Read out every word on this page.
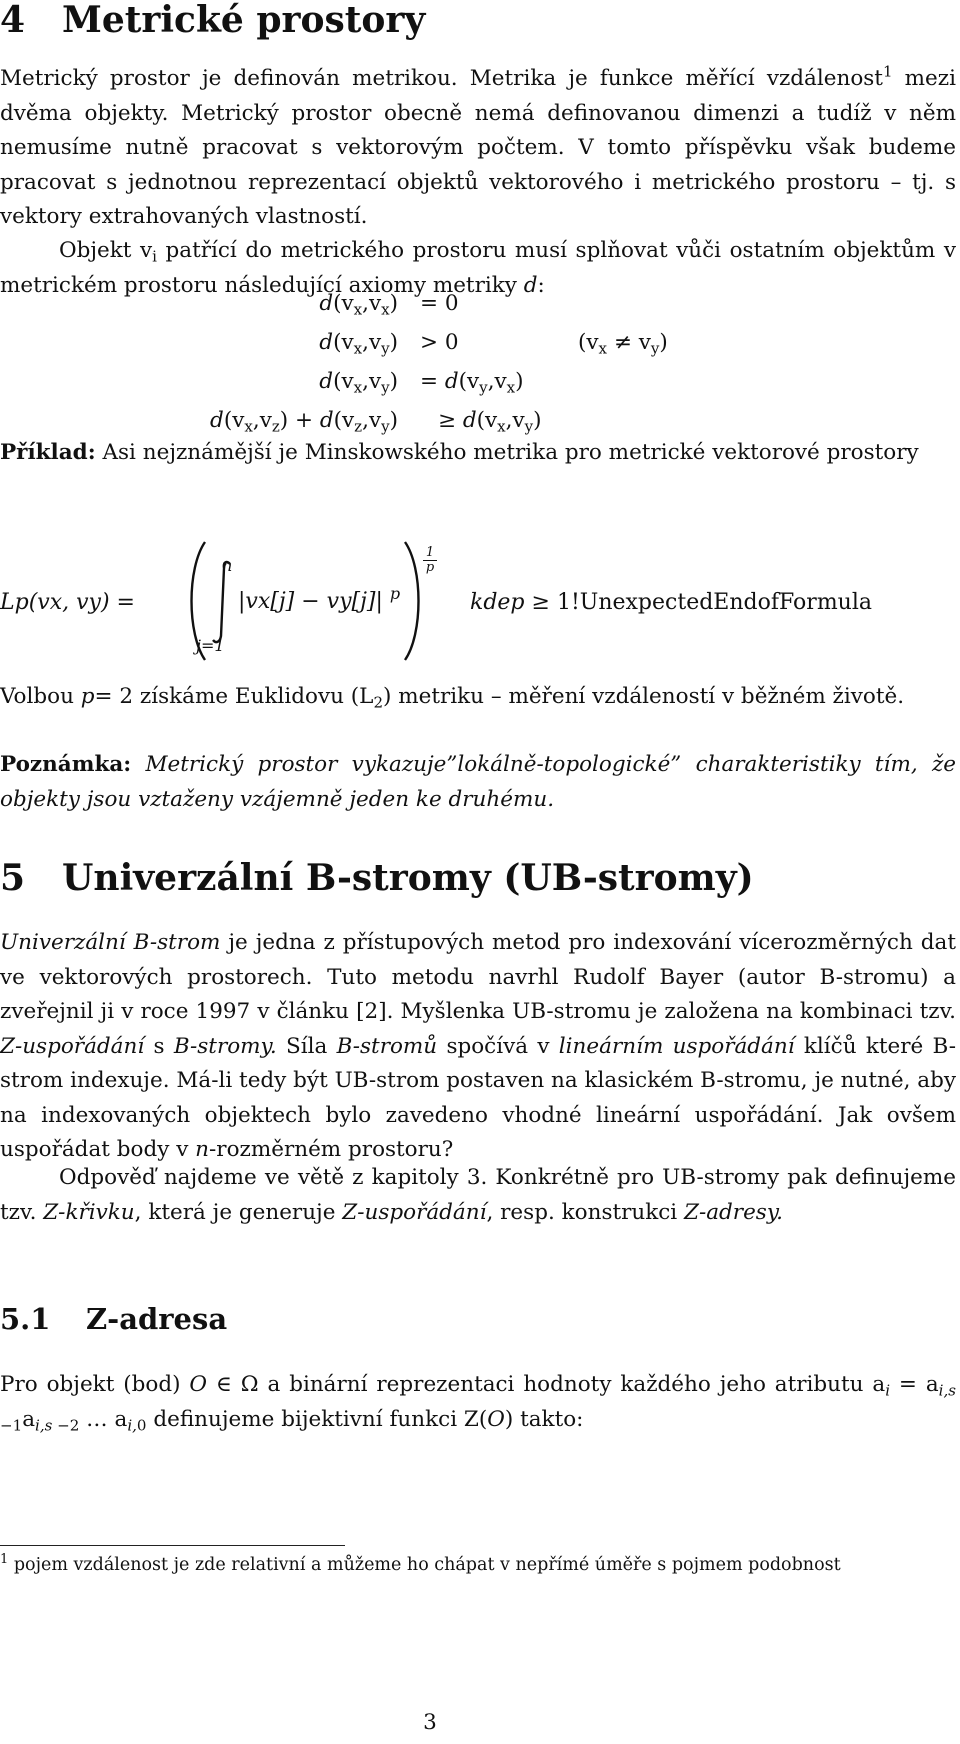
4 Metrické prostory
Metrický prostor je definován metrikou. Metrika je funkce měřící vzdálenost$^1$ mezi dvěma objekty. Metrický prostor obecně nemá definovanou dimenzi a tudíž v něm nemusíme nutně pracovat s vektorovým počtem. V tomto příspěvku však budeme pracovat s jednotnou reprezentací objektů vektorového i metrického prostoru – tj. s vektory extrahovaných vlastností.
Objekt $v_i$ patřící do metrického prostoru musí splňovat vůči ostatním objektům v metrickém prostoru následující axiomy metriky d:
$d(v_x,v_x) = 0$
$d(v_x,v_y) > 0$	$(v_x \ne v_y)$
$d(v_x,v_y) = d(v_y,v_x)$
$d(v_x,v_z) + d(v_z,v_y) \ge d(v_x,v_y)$
Příklad: Asi nejznámější je Minskowského metrika pro metrické vektorové prostory
Lp(vx, vy) =
n
j=1
|vx[j] − vy[j]| $^p$
$\frac{1}{p}$
kdep ≥ 1!UnexpectedEndofFormula
Volbou p= 2 získáme Euklidovu $(L_2)$ metriku – měření vzdáleností v běžném životě.
Poznámka: Metrický prostor vykazuje”lokálně-topologické” charakteristiky tím, že objekty jsou vztaženy vzájemně jeden ke druhému.
5 Univerzální B-stromy (UB-stromy)
Univerzální B-strom je jedna z přístupových metod pro indexování vícerozměrných dat ve vektorových prostorech. Tuto metodu navrhl Rudolf Bayer (autor B-stromu) a zveřejnil ji v roce 1997 v článku [2]. Myšlenka UB-stromu je založena na kombinaci tzv. Z-uspořádání s B-stromy. Síla B-stromů spočívá v lineárním uspořádání klíčů které B-strom indexuje. Má-li tedy být UB-strom postaven na klasickém B-stromu, je nutné, aby na indexovaných objektech bylo zavedeno vhodné lineární uspořádání. Jak ovšem uspořádat body v n-rozměrném prostoru?
Odpověď najdeme ve větě z kapitoly 3. Konkrétně pro UB-stromy pak definujeme tzv. Z-křivku, která je generuje Z-uspořádání, resp. konstrukci Z-adresy.
5.1 Z-adresa
Pro objekt (bod) O ∈ Ω a binární reprezentaci hodnoty každého jeho atributu $a_i = a_{i,s -1}a_{i,s -2}$ … $a_{i,0}$ definujeme bijektivní funkci Z(O) takto:
$^1$ pojem vzdálenost je zde relativní a můžeme ho chápat v nepřímé úměře s pojmem podobnost
3
